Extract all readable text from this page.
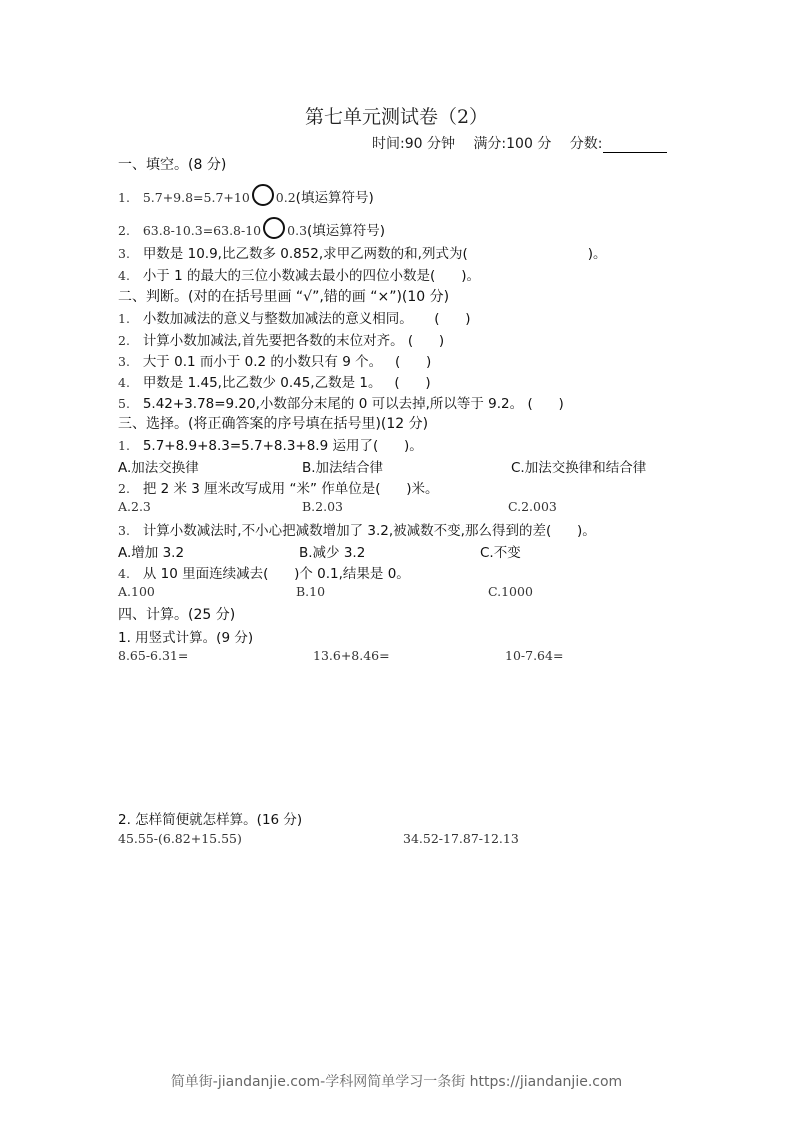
第七单元测试卷（2）
时间:90 分钟 满分:100 分 分数:
一、填空。(8 分)
1. 5.7+9.8=5.7+10 0.2(填运算符号)
2. 63.8-10.3=63.8-10 0.3(填运算符号)
3. 甲数是 10.9,比乙数多 0.852,求甲乙两数的和,列式为(	)。
4. 小于 1 的最大的三位小数减去最小的四位小数是( )。
二、判断。(对的在括号里画 “√”,错的画 “×”)(10 分)
1. 小数加减法的意义与整数加减法的意义相同。 (      )
2. 计算小数加减法,首先要把各数的末位对齐。 (      )
3. 大于 0.1 而小于 0.2 的小数只有 9 个。 (      )
4. 甲数是 1.45,比乙数少 0.45,乙数是 1。 (      )
5. 5.42+3.78=9.20,小数部分末尾的 0 可以去掉,所以等于 9.2。 (      )
三、选择。(将正确答案的序号填在括号里)(12 分)
1. 5.7+8.9+8.3=5.7+8.3+8.9 运用了(      )。
A.加法交换律	B.加法结合律	C.加法交换律和结合律
2. 把 2 米 3 厘米改写成用 “米” 作单位是(      )米。
A.2.3	B.2.03	C.2.003
3. 计算小数减法时,不小心把减数增加了 3.2,被减数不变,那么得到的差(      )。
A.增加 3.2	B.减少 3.2	C.不变
4. 从 10 里面连续减去(      )个 0.1,结果是 0。
A.100	B.10	C.1000
四、计算。(25 分)
1. 用竖式计算。(9 分)
8.65-6.31=	13.6+8.46=	10-7.64=
2. 怎样简便就怎样算。(16 分)
45.55-(6.82+15.55)	34.52-17.87-12.13
简单街-jiandanjie.com-学科网简单学习一条街 https://jiandanjie.com
